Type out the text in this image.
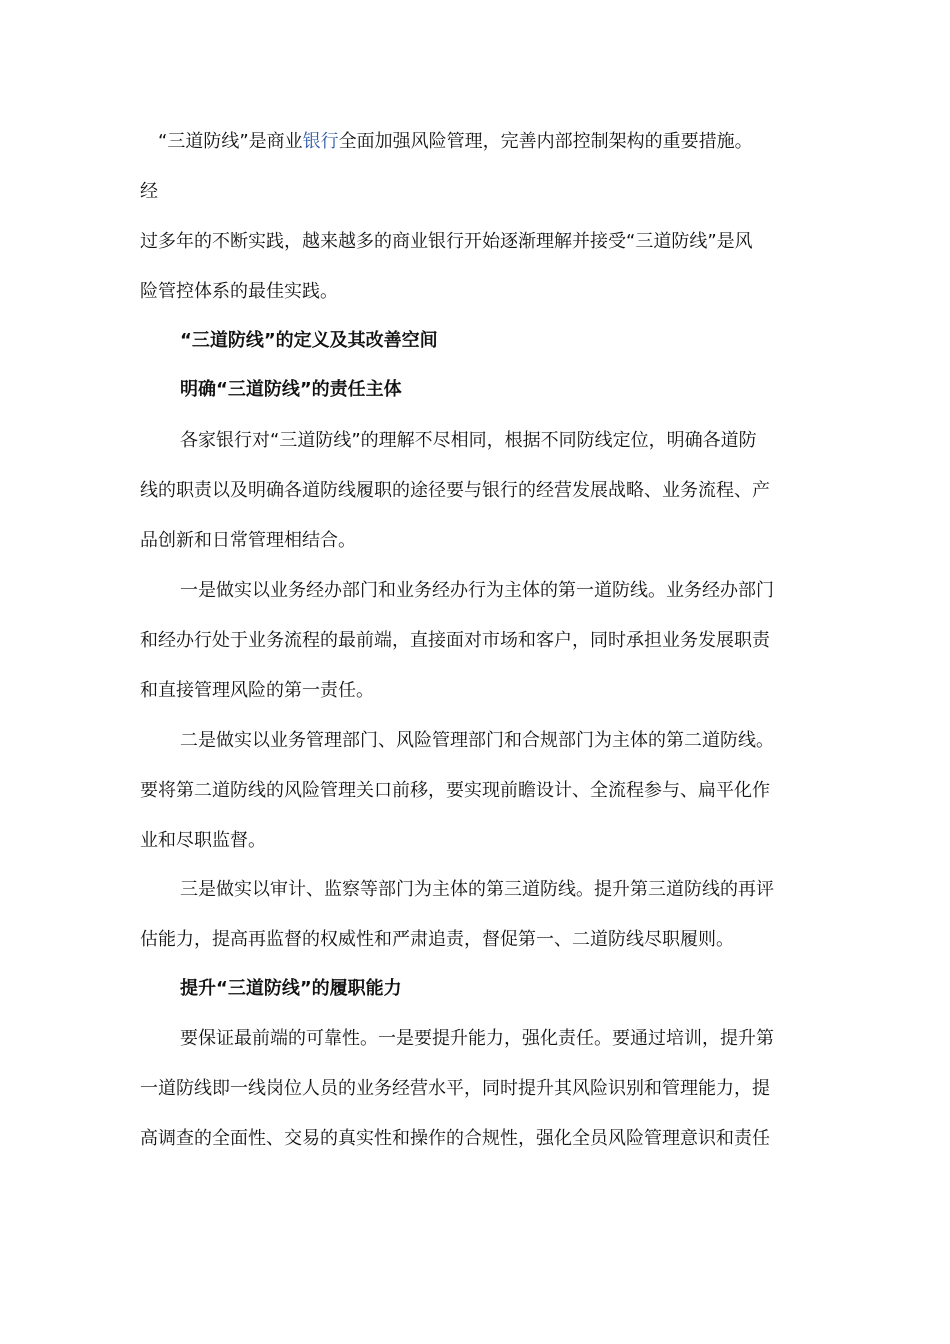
“三道防线”是商业银行全面加强风险管理，完善内部控制架构的重要措施。
经
过多年的不断实践，越来越多的商业银行开始逐渐理解并接受“三道防线”是风
险管控体系的最佳实践。
“三道防线”的定义及其改善空间
明确“三道防线”的责任主体
各家银行对“三道防线”的理解不尽相同，根据不同防线定位，明确各道防
线的职责以及明确各道防线履职的途径要与银行的经营发展战略、业务流程、产
品创新和日常管理相结合。
一是做实以业务经办部门和业务经办行为主体的第一道防线。业务经办部门
和经办行处于业务流程的最前端，直接面对市场和客户，同时承担业务发展职责
和直接管理风险的第一责任。
二是做实以业务管理部门、风险管理部门和合规部门为主体的第二道防线。
要将第二道防线的风险管理关口前移，要实现前瞻设计、全流程参与、扁平化作
业和尽职监督。
三是做实以审计、监察等部门为主体的第三道防线。提升第三道防线的再评
估能力，提高再监督的权威性和严肃追责，督促第一、二道防线尽职履则。
提升“三道防线”的履职能力
要保证最前端的可靠性。一是要提升能力，强化责任。要通过培训，提升第
一道防线即一线岗位人员的业务经营水平，同时提升其风险识别和管理能力，提
高调查的全面性、交易的真实性和操作的合规性，强化全员风险管理意识和责任
